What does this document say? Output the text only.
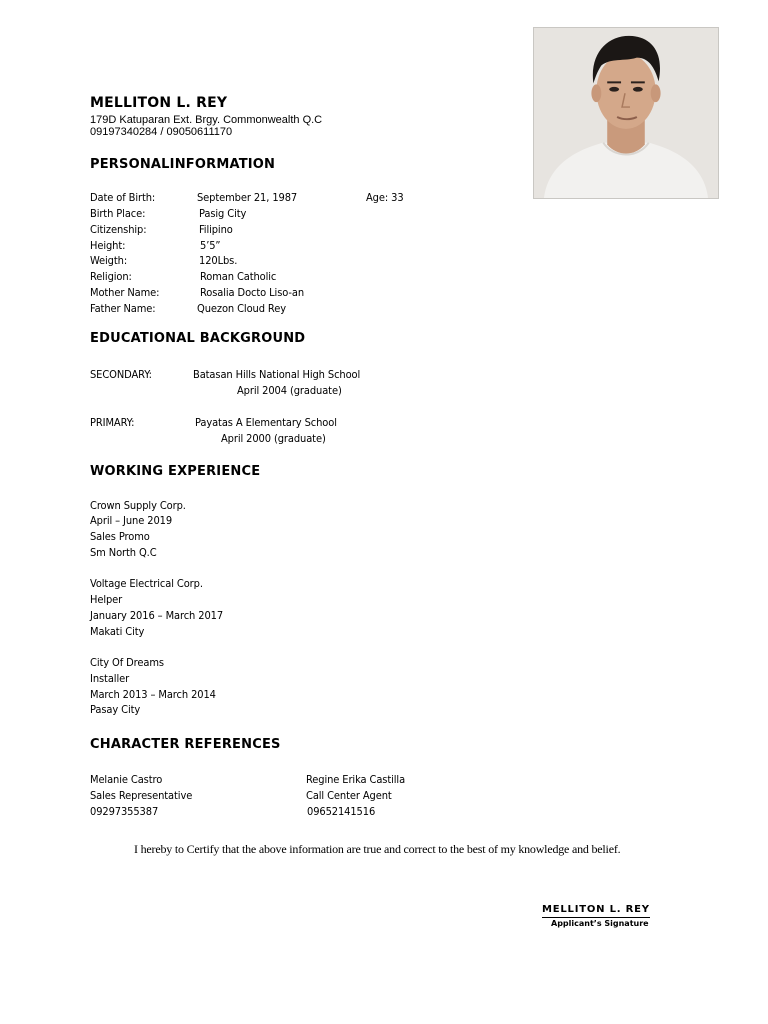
MELLITON L. REY
179D Katuparan Ext. Brgy. Commonwealth Q.C
09197340284 / 09050611170
PERSONALINFORMATION
Date of Birth:	September 21, 1987	Age: 33
Birth Place:	Pasig City
Citizenship:	Filipino
Height:	5’5”
Weigth:	120Lbs.
Religion:	Roman Catholic
Mother Name:	Rosalia Docto Liso-an
Father Name:	Quezon Cloud Rey
EDUCATIONAL BACKGROUND
SECONDARY:	Batasan Hills National High School
April 2004 (graduate)
PRIMARY:	Payatas A Elementary School
April 2000 (graduate)
WORKING EXPERIENCE
Crown Supply Corp.
April – June 2019
Sales Promo
Sm North Q.C
Voltage Electrical Corp.
Helper
January 2016 – March 2017
Makati City
City Of Dreams
Installer
March 2013 – March 2014
Pasay City
CHARACTER REFERENCES
Melanie Castro
Sales Representative
09297355387
Regine Erika Castilla
Call Center Agent
09652141516
I hereby to Certify that the above information are true and correct to the best of my knowledge and belief.
MELLITON L. REY
Applicant’s Signature
